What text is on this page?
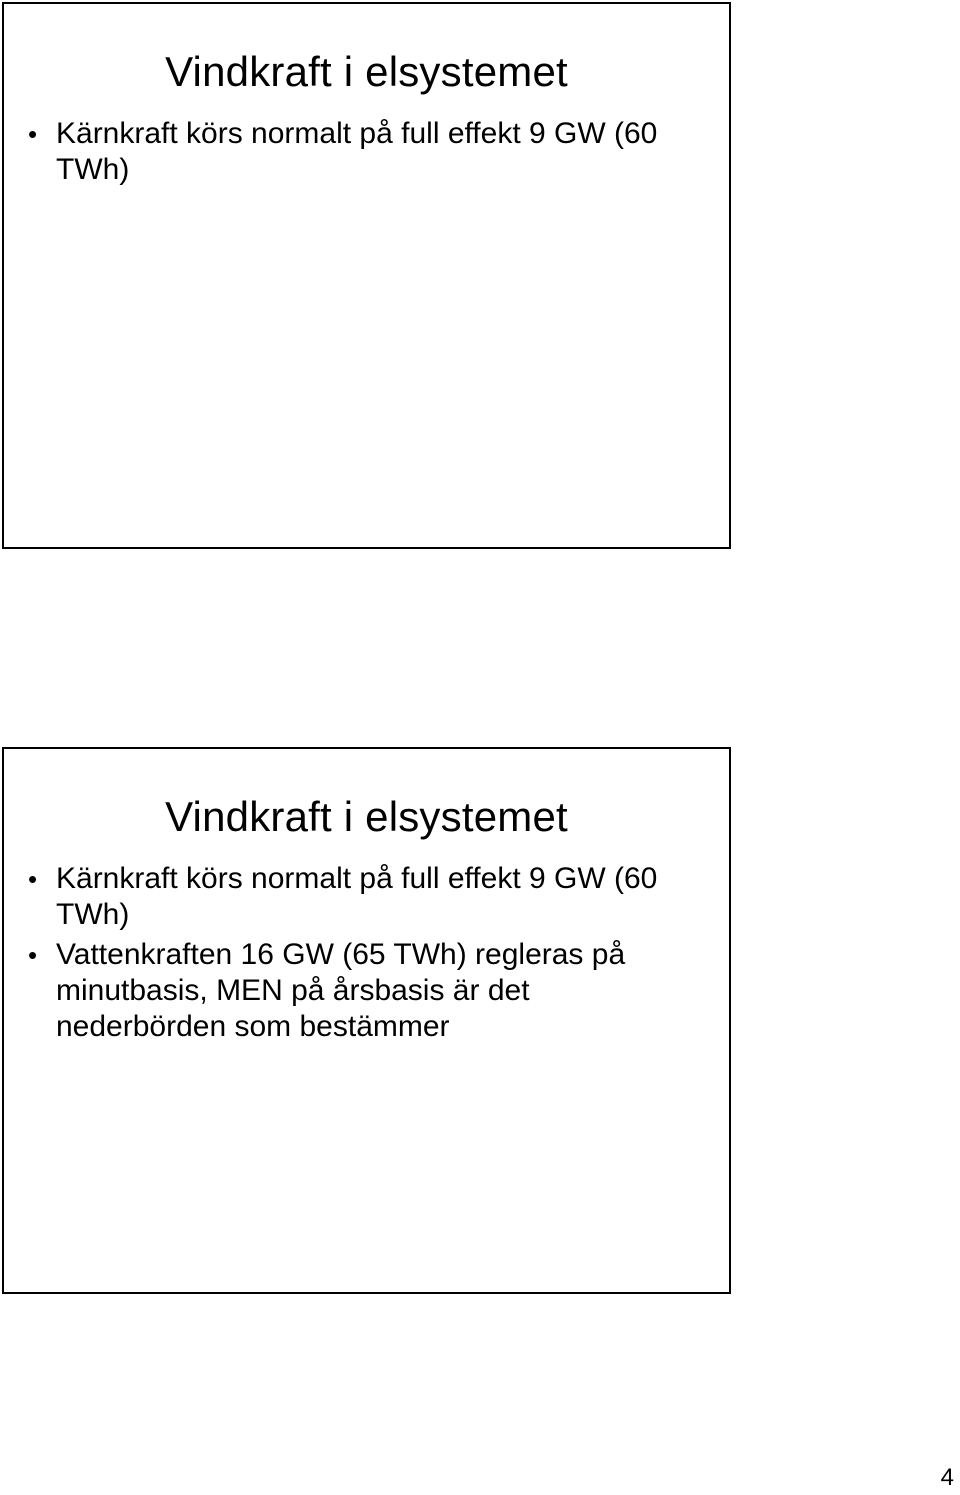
Vindkraft i elsystemet
• Kärnkraft körs normalt på full effekt 9 GW (60 TWh)
Vindkraft i elsystemet
• Kärnkraft körs normalt på full effekt 9 GW (60 TWh)
• Vattenkraften 16 GW (65 TWh) regleras på minutbasis, MEN på årsbasis är det nederbörden som bestämmer
4
